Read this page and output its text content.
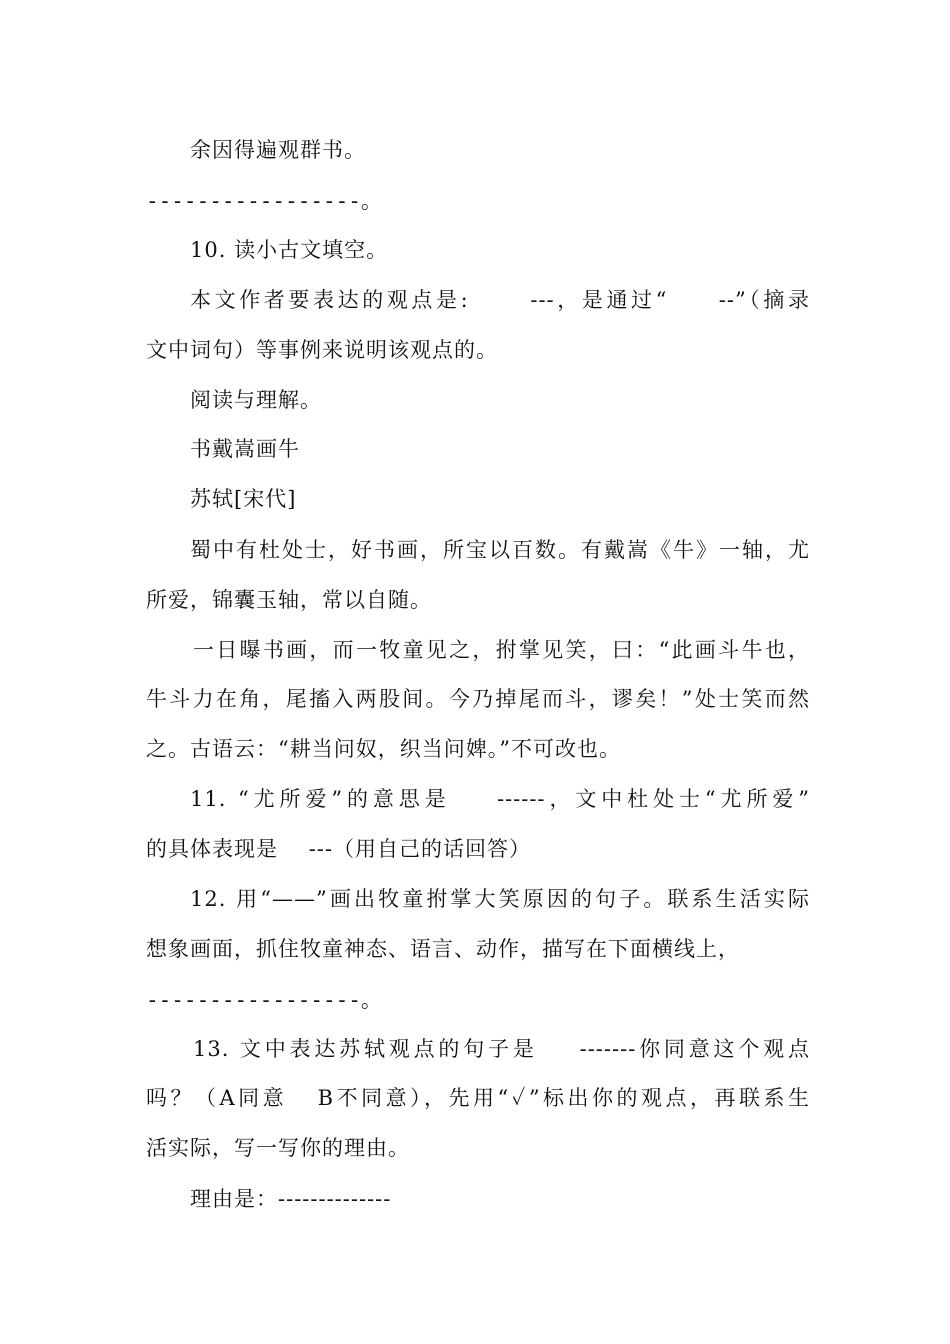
余因得遍观群书。
-----------------。
10. 读小古文填空。
本文作者要表达的观点是:      ---，是通过“     --”（摘录
文中词句）等事例来说明该观点的。
阅读与理解。
书戴嵩画牛
苏轼[宋代]
蜀中有杜处士，好书画，所宝以百数。有戴嵩《牛》一轴，尤
所爱，锦囊玉轴，常以自随。
一日曝书画，而一牧童见之，拊掌见笑，曰：“此画斗牛也，
牛斗力在角，尾搐入两股间。今乃掉尾而斗，谬矣！”处士笑而然
之。古语云：“耕当问奴，织当问婢。”不可改也。
11. “尤所爱”的意思是    ------，文中杜处士“尤所爱”
的具体表现是    ---（用自己的话回答）
12. 用“——”画出牧童拊掌大笑原因的句子。联系生活实际
想象画面，抓住牧童神态、语言、动作，描写在下面横线上，
-----------------。
13. 文中表达苏轼观点的句子是    -------你同意这个观点
吗？（A同意   B不同意），先用“✓”标出你的观点，再联系生
活实际，写一写你的理由。
理由是：--------------
